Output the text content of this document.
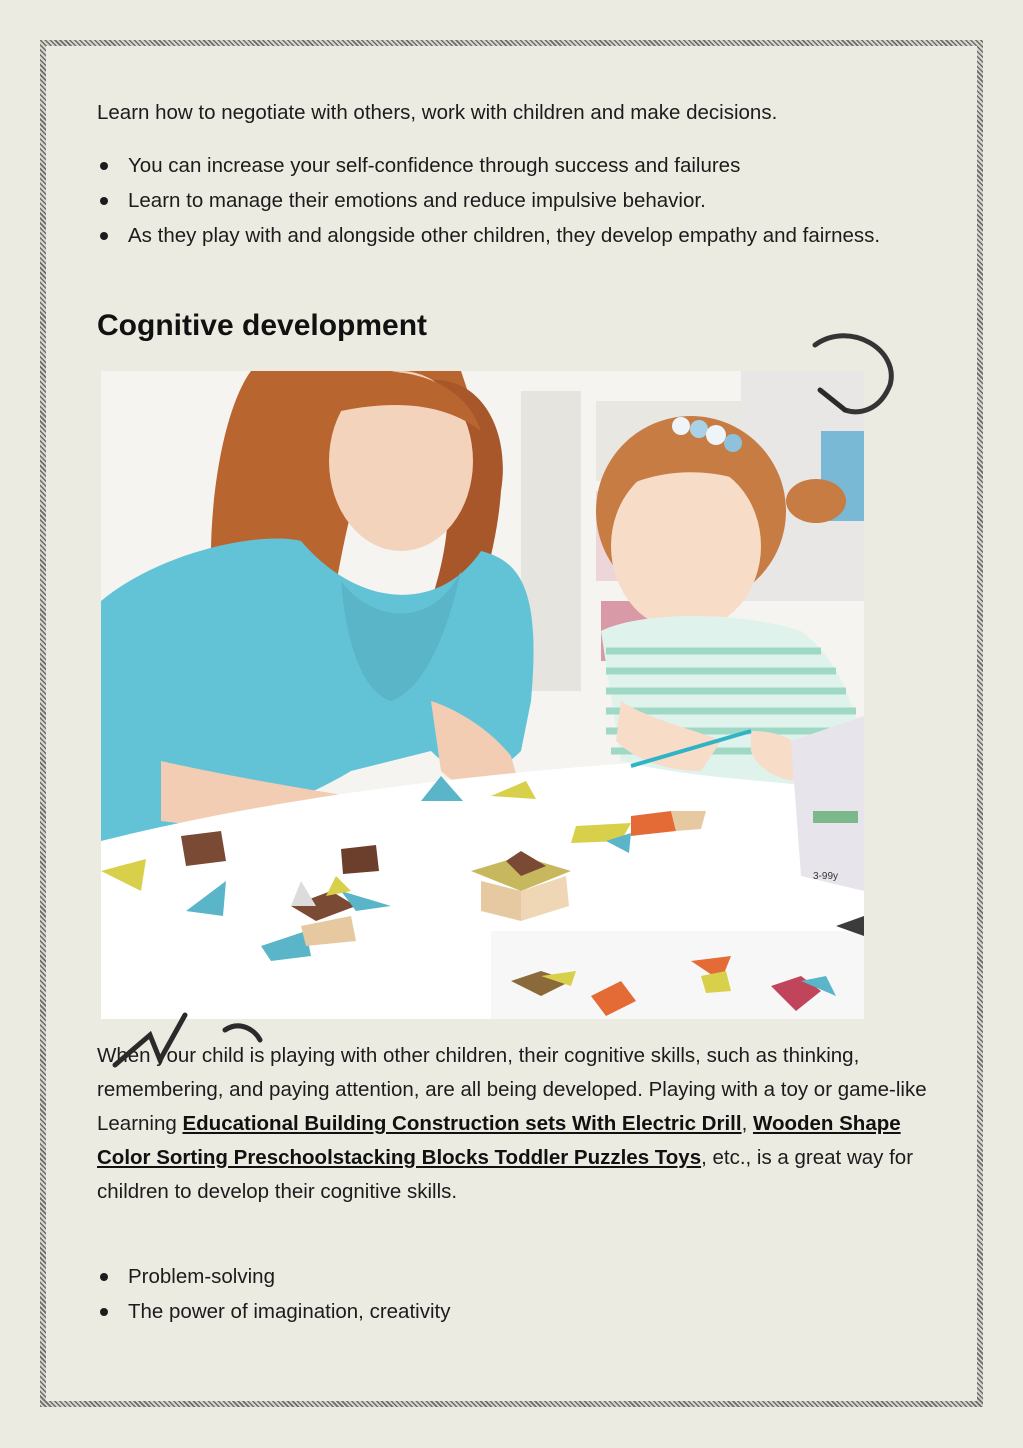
Learn how to negotiate with others, work with children and make decisions.

You can increase your self-confidence through success and failures
Learn to manage their emotions and reduce impulsive behavior.
As they play with and alongside other children, they develop empathy and fairness.
Cognitive development
3-99y

When your child is playing with other children, their cognitive skills, such as thinking, remembering, and paying attention, are all being developed. Playing with a toy or game-like Learning Educational Building Construction sets With Electric Drill, Wooden Shape Color Sorting Preschoolstacking Blocks Toddler Puzzles Toys, etc., is a great way for children to develop their cognitive skills.

Problem-solving
The power of imagination, creativity
